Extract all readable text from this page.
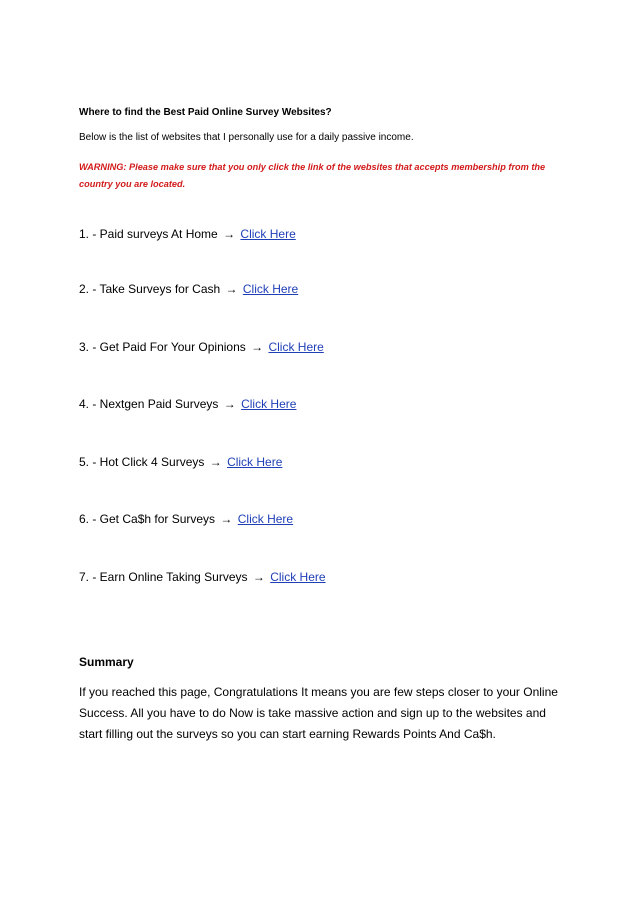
Where to find the Best Paid Online Survey Websites?
Below is the list of websites that I personally use for a daily passive income.
WARNING: Please make sure that you only click the link of the websites that accepts membership from the country you are located.
1. - Paid surveys At Home → Click Here
2. - Take Surveys for Cash → Click Here
3. - Get Paid For Your Opinions → Click Here
4. - Nextgen Paid Surveys → Click Here
5. - Hot Click 4 Surveys → Click Here
6. - Get Ca$h for Surveys → Click Here
7. - Earn Online Taking Surveys → Click Here
Summary
If you reached this page, Congratulations It means you are few steps closer to your Online Success. All you have to do Now is take massive action and sign up to the websites and start filling out the surveys so you can start earning Rewards Points And Ca$h.
